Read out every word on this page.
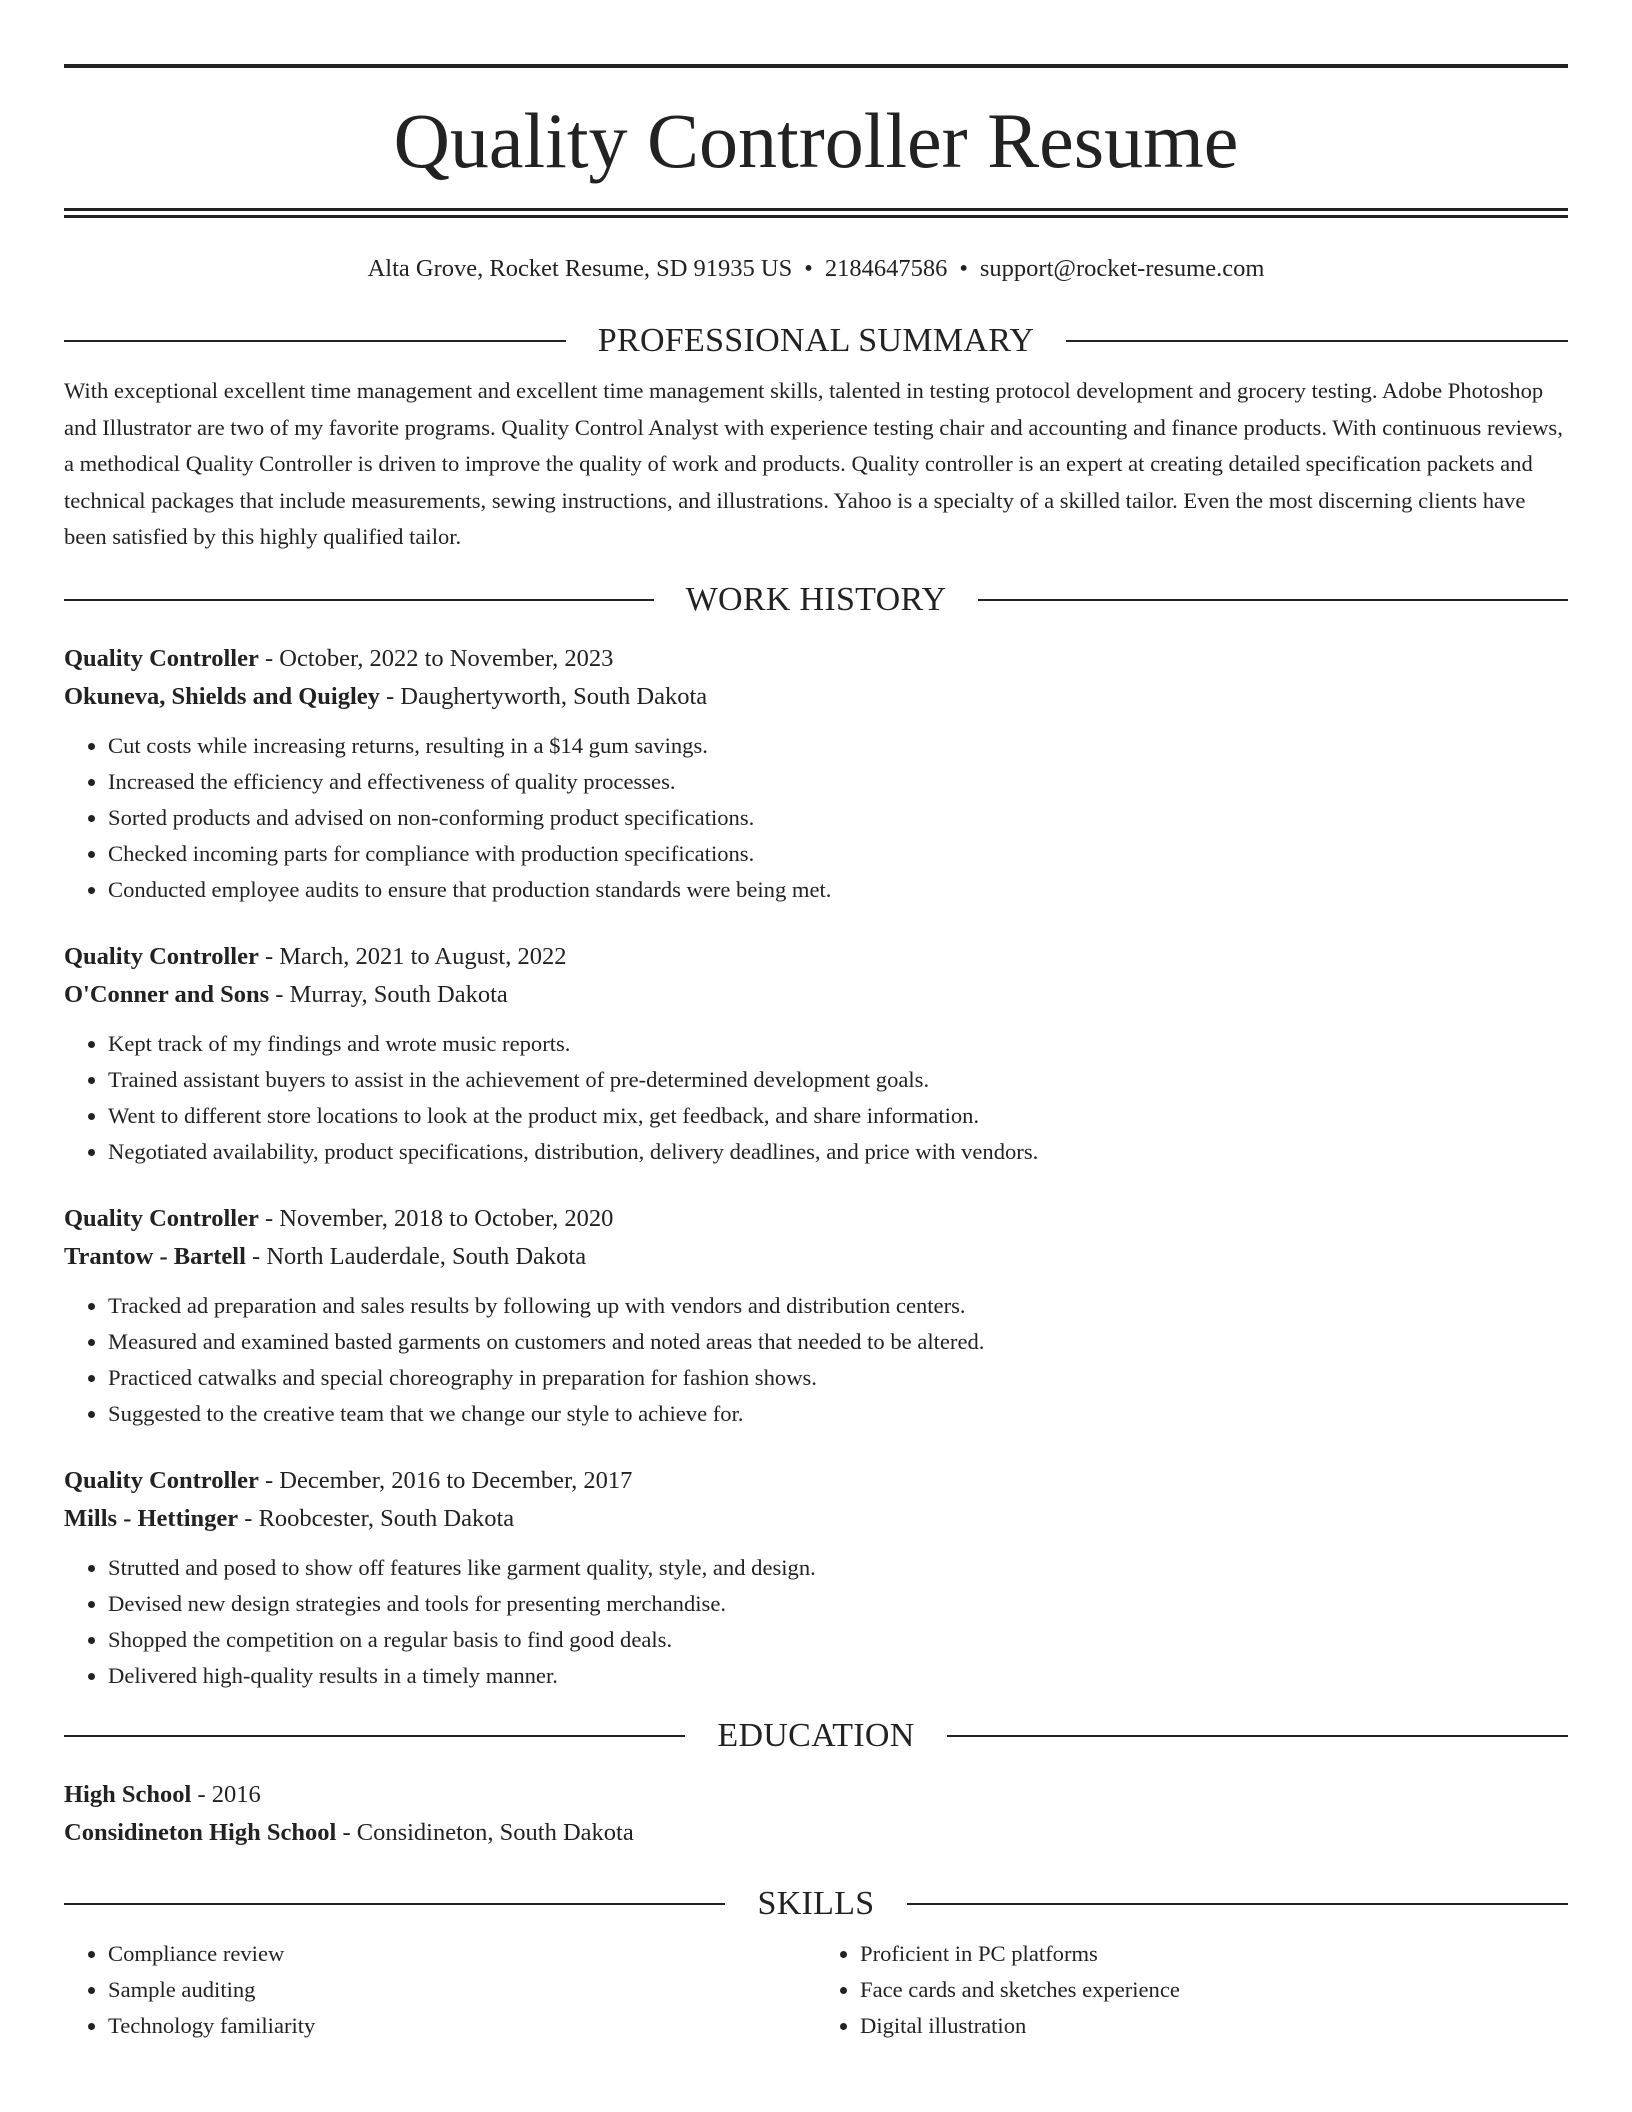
Quality Controller Resume
Alta Grove, Rocket Resume, SD 91935 US • 2184647586 • support@rocket-resume.com
PROFESSIONAL SUMMARY

With exceptional excellent time management and excellent time management skills, talented in testing protocol development and grocery testing. Adobe Photoshop and Illustrator are two of my favorite programs. Quality Control Analyst with experience testing chair and accounting and finance products. With continuous reviews, a methodical Quality Controller is driven to improve the quality of work and products. Quality controller is an expert at creating detailed specification packets and technical packages that include measurements, sewing instructions, and illustrations. Yahoo is a specialty of a skilled tailor. Even the most discerning clients have been satisfied by this highly qualified tailor.

WORK HISTORY
Quality Controller - October, 2022 to November, 2023
Okuneva, Shields and Quigley - Daughertyworth, South Dakota
• Cut costs while increasing returns, resulting in a $14 gum savings.
• Increased the efficiency and effectiveness of quality processes.
• Sorted products and advised on non-conforming product specifications.
• Checked incoming parts for compliance with production specifications.
• Conducted employee audits to ensure that production standards were being met.
Quality Controller - March, 2021 to August, 2022
O'Conner and Sons - Murray, South Dakota
• Kept track of my findings and wrote music reports.
• Trained assistant buyers to assist in the achievement of pre-determined development goals.
• Went to different store locations to look at the product mix, get feedback, and share information.
• Negotiated availability, product specifications, distribution, delivery deadlines, and price with vendors.
Quality Controller - November, 2018 to October, 2020
Trantow - Bartell - North Lauderdale, South Dakota
• Tracked ad preparation and sales results by following up with vendors and distribution centers.
• Measured and examined basted garments on customers and noted areas that needed to be altered.
• Practiced catwalks and special choreography in preparation for fashion shows.
• Suggested to the creative team that we change our style to achieve for.
Quality Controller - December, 2016 to December, 2017
Mills - Hettinger - Roobcester, South Dakota
• Strutted and posed to show off features like garment quality, style, and design.
• Devised new design strategies and tools for presenting merchandise.
• Shopped the competition on a regular basis to find good deals.
• Delivered high-quality results in a timely manner.
EDUCATION
High School - 2016
Considineton High School - Considineton, South Dakota
SKILLS
• Compliance review
• Sample auditing
• Technology familiarity
• Proficient in PC platforms
• Face cards and sketches experience
• Digital illustration
